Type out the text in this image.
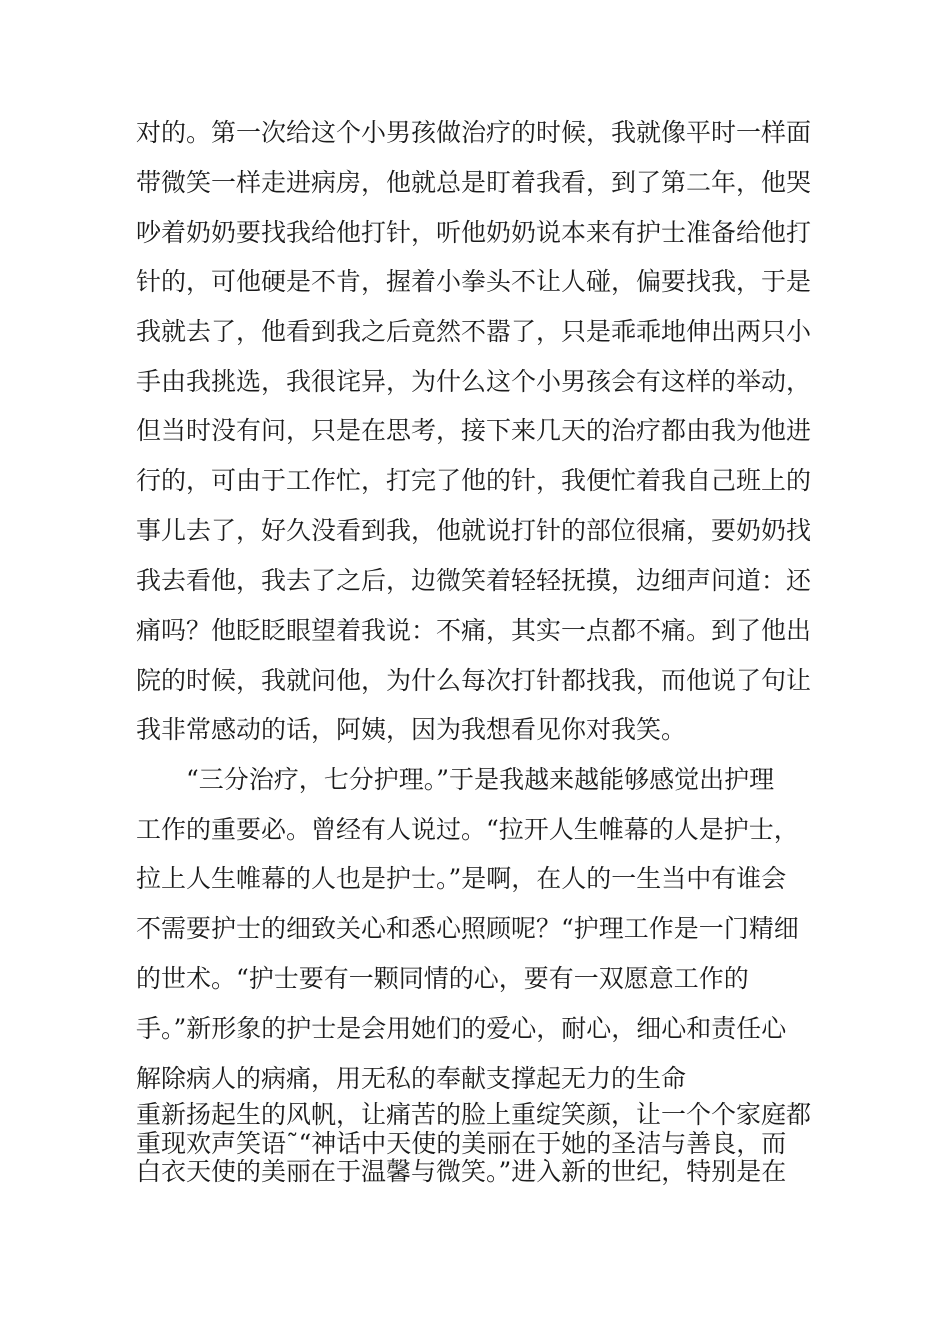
对的。第一次给这个小男孩做治疗的时候，我就像平时一样面

带微笑一样走进病房，他就总是盯着我看，到了第二年，他哭

吵着奶奶要找我给他打针，听他奶奶说本来有护士准备给他打

针的，可他硬是不肯，握着小拳头不让人碰，偏要找我，于是

我就去了，他看到我之后竟然不嚣了，只是乖乖地伸出两只小

手由我挑选，我很诧异，为什么这个小男孩会有这样的举动，

但当时没有问，只是在思考，接下来几天的治疗都由我为他进

行的，可由于工作忙，打完了他的针，我便忙着我自己班上的

事儿去了，好久没看到我，他就说打针的部位很痛，要奶奶找

我去看他，我去了之后，边微笑着轻轻抚摸，边细声问道：还

痛吗？他眨眨眼望着我说：不痛，其实一点都不痛。到了他出

院的时候，我就问他，为什么每次打针都找我，而他说了句让

我非常感动的话，阿姨，因为我想看见你对我笑。

“三分治疗，七分护理。”于是我越来越能够感觉出护理

工作的重要必。曾经有人说过。“拉开人生帷幕的人是护士，

拉上人生帷幕的人也是护士。”是啊，在人的一生当中有谁会

不需要护士的细致关心和悉心照顾呢？“护理工作是一门精细

的世术。“护士要有一颗同情的心，要有一双愿意工作的

手。”新形象的护士是会用她们的爱心，耐心，细心和责任心

解除病人的病痛，用无私的奉献支撑起无力的生命

重新扬起生的风帆，让痛苦的脸上重绽笑颜，让一个个家庭都

重现欢声笑语˜“神话中天使的美丽在于她的圣洁与善良，而

白衣天使的美丽在于温馨与微笑。”进入新的世纪，特别是在
